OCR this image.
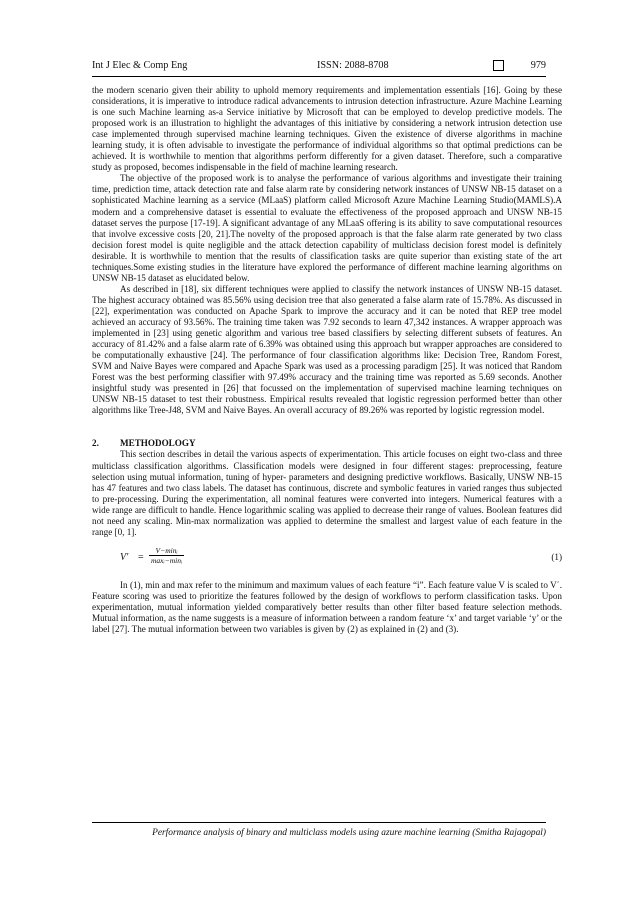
Int J Elec & Comp Eng	ISSN: 2088-8708	979

the modern scenario given their ability to uphold memory requirements and implementation essentials [16]. Going by these considerations, it is imperative to introduce radical advancements to intrusion detection infrastructure. Azure Machine Learning is one such Machine learning as-a Service initiative by Microsoft that can be employed to develop predictive models. The proposed work is an illustration to highlight the advantages of this initiative by considering a network intrusion detection use case implemented through supervised machine learning techniques. Given the existence of diverse algorithms in machine learning study, it is often advisable to investigate the performance of individual algorithms so that optimal predictions can be achieved. It is worthwhile to mention that algorithms perform differently for a given dataset. Therefore, such a comparative study as proposed, becomes indispensable in the field of machine learning research.

The objective of the proposed work is to analyse the performance of various algorithms and investigate their training time, prediction time, attack detection rate and false alarm rate by considering network instances of UNSW NB-15 dataset on a sophisticated Machine learning as a service (MLaaS) platform called Microsoft Azure Machine Learning Studio(MAMLS).A modern and a comprehensive dataset is essential to evaluate the effectiveness of the proposed approach and UNSW NB-15 dataset serves the purpose [17-19]. A significant advantage of any MLaaS offering is its ability to save computational resources that involve excessive costs [20, 21].The novelty of the proposed approach is that the false alarm rate generated by two class decision forest model is quite negligible and the attack detection capability of multiclass decision forest model is definitely desirable. It is worthwhile to mention that the results of classification tasks are quite superior than existing state of the art techniques.Some existing studies in the literature have explored the performance of different machine learning algorithms on UNSW NB-15 dataset as elucidated below.

As described in [18], six different techniques were applied to classify the network instances of UNSW NB-15 dataset. The highest accuracy obtained was 85.56% using decision tree that also generated a false alarm rate of 15.78%. As discussed in [22], experimentation was conducted on Apache Spark to improve the accuracy and it can be noted that REP tree model achieved an accuracy of 93.56%. The training time taken was 7.92 seconds to learn 47,342 instances. A wrapper approach was implemented in [23] using genetic algorithm and various tree based classifiers by selecting different subsets of features. An accuracy of 81.42% and a false alarm rate of 6.39% was obtained using this approach but wrapper approaches are considered to be computationally exhaustive [24]. The performance of four classification algorithms like: Decision Tree, Random Forest, SVM and Naive Bayes were compared and Apache Spark was used as a processing paradigm [25]. It was noticed that Random Forest was the best performing classifier with 97.49% accuracy and the training time was reported as 5.69 seconds. Another insightful study was presented in [26] that focussed on the implementation of supervised machine learning techniques on UNSW NB-15 dataset to test their robustness. Empirical results revealed that logistic regression performed better than other algorithms like Tree-J48, SVM and Naive Bayes. An overall accuracy of 89.26% was reported by logistic regression model.

2. METHODOLOGY

This section describes in detail the various aspects of experimentation. This article focuses on eight two-class and three multiclass classification algorithms. Classification models were designed in four different stages: preprocessing, feature selection using mutual information, tuning of hyper- parameters and designing predictive workflows. Basically, UNSW NB-15 has 47 features and two class labels. The dataset has continuous, discrete and symbolic features in varied ranges thus subjected to pre-processing. During the experimentation, all nominal features were converted into integers. Numerical features with a wide range are difficult to handle. Hence logarithmic scaling was applied to decrease their range of values. Boolean features did not need any scaling. Min-max normalization was applied to determine the smallest and largest value of each feature in the range [0, 1].

V′ =
V−minᵢ
maxᵢ−minᵢ	(1)

In (1), min and max refer to the minimum and maximum values of each feature “i”. Each feature value V is scaled to V΄. Feature scoring was used to prioritize the features followed by the design of workflows to perform classification tasks. Upon experimentation, mutual information yielded comparatively better results than other filter based feature selection methods. Mutual information, as the name suggests is a measure of information between a random feature ‘x’ and target variable ‘y’ or the label [27]. The mutual information between two variables is given by (2) as explained in (2) and (3).

Performance analysis of binary and multiclass models using azure machine learning (Smitha Rajagopal)
